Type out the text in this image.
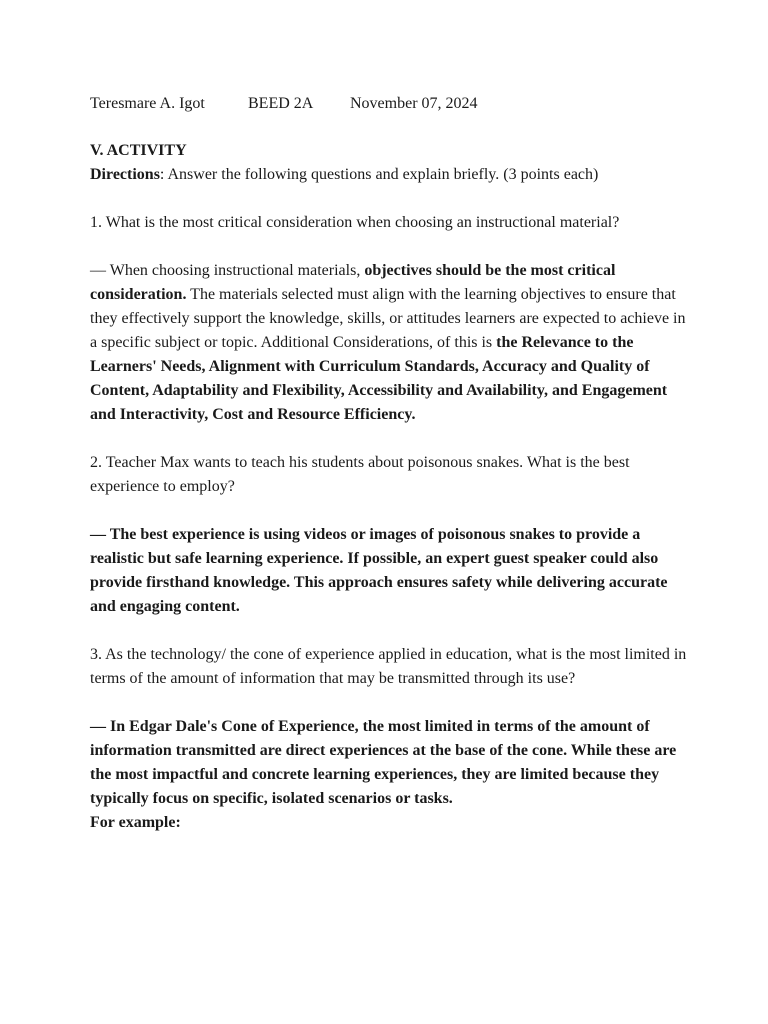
Teresmare A. Igot	BEED 2A November 07, 2024

V. ACTIVITY

Directions: Answer the following questions and explain briefly. (3 points each)

1. What is the most critical consideration when choosing an instructional material?

— When choosing instructional materials, objectives should be the most critical consideration. The materials selected must align with the learning objectives to ensure that they effectively support the knowledge, skills, or attitudes learners are expected to achieve in a specific subject or topic. Additional Considerations, of this is the Relevance to the Learners' Needs, Alignment with Curriculum Standards, Accuracy and Quality of Content, Adaptability and Flexibility, Accessibility and Availability, and Engagement and Interactivity, Cost and Resource Efficiency.

2. Teacher Max wants to teach his students about poisonous snakes. What is the best experience to employ?

— The best experience is using videos or images of poisonous snakes to provide a realistic but safe learning experience. If possible, an expert guest speaker could also provide firsthand knowledge. This approach ensures safety while delivering accurate and engaging content.

3. As the technology/ the cone of experience applied in education, what is the most limited in terms of the amount of information that may be transmitted through its use?

— In Edgar Dale's Cone of Experience, the most limited in terms of the amount of information transmitted are direct experiences at the base of the cone. While these are the most impactful and concrete learning experiences, they are limited because they typically focus on specific, isolated scenarios or tasks.

For example:
